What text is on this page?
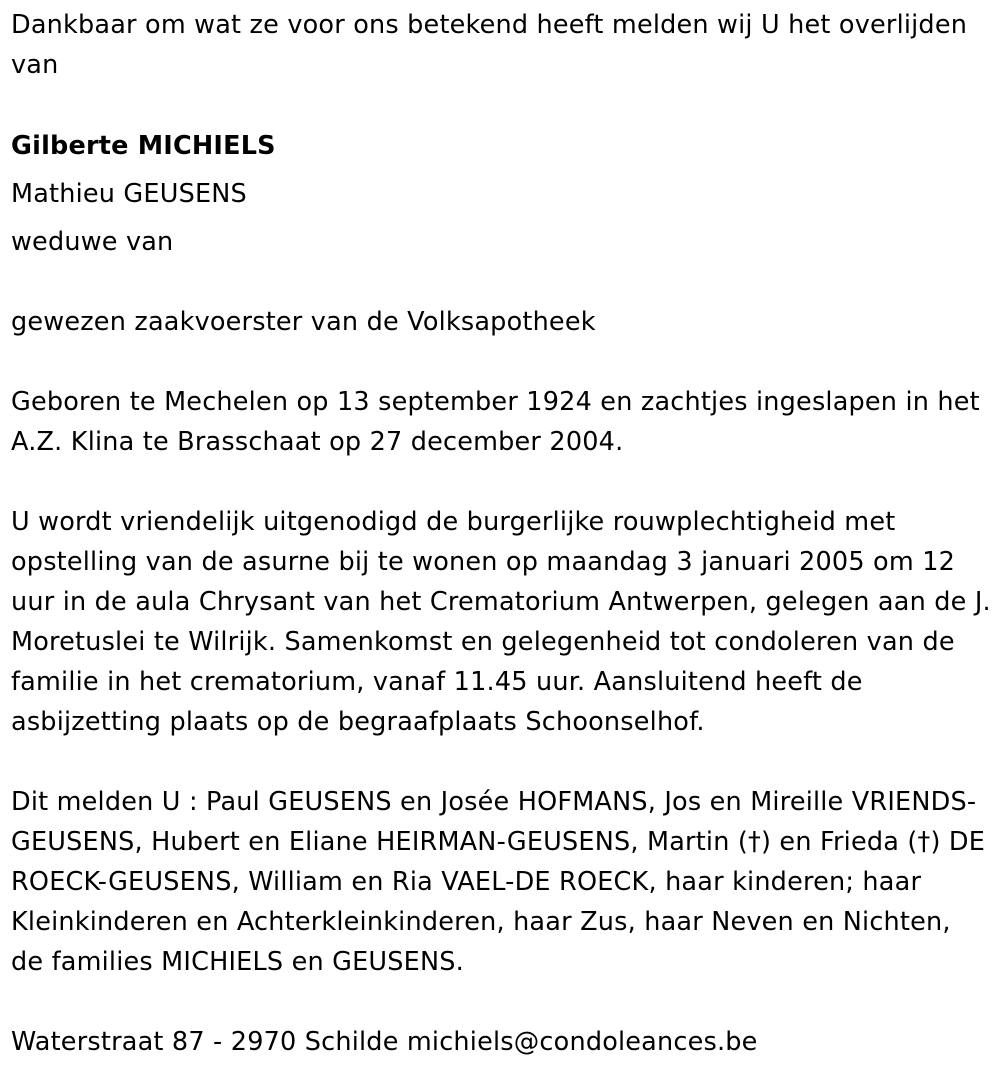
Dankbaar om wat ze voor ons betekend heeft melden wij U het overlijden van

Gilberte MICHIELS

Mathieu GEUSENS

weduwe van

gewezen zaakvoerster van de Volksapotheek

Geboren te Mechelen op 13 september 1924 en zachtjes ingeslapen in het A.Z. Klina te Brasschaat op 27 december 2004.

U wordt vriendelijk uitgenodigd de burgerlijke rouwplechtigheid met opstelling van de asurne bij te wonen op maandag 3 januari 2005 om 12 uur in de aula Chrysant van het Crematorium Antwerpen, gelegen aan de J. Moretuslei te Wilrijk. Samenkomst en gelegenheid tot condoleren van de familie in het crematorium, vanaf 11.45 uur. Aansluitend heeft de asbijzetting plaats op de begraafplaats Schoonselhof.

Dit melden U : Paul GEUSENS en Josée HOFMANS, Jos en Mireille VRIENDS-GEUSENS, Hubert en Eliane HEIRMAN-GEUSENS, Martin (†) en Frieda (†) DE ROECK-GEUSENS, William en Ria VAEL-DE ROECK, haar kinderen; haar Kleinkinderen en Achterkleinkinderen, haar Zus, haar Neven en Nichten, de families MICHIELS en GEUSENS.

Waterstraat 87 - 2970 Schilde michiels@condoleances.be
